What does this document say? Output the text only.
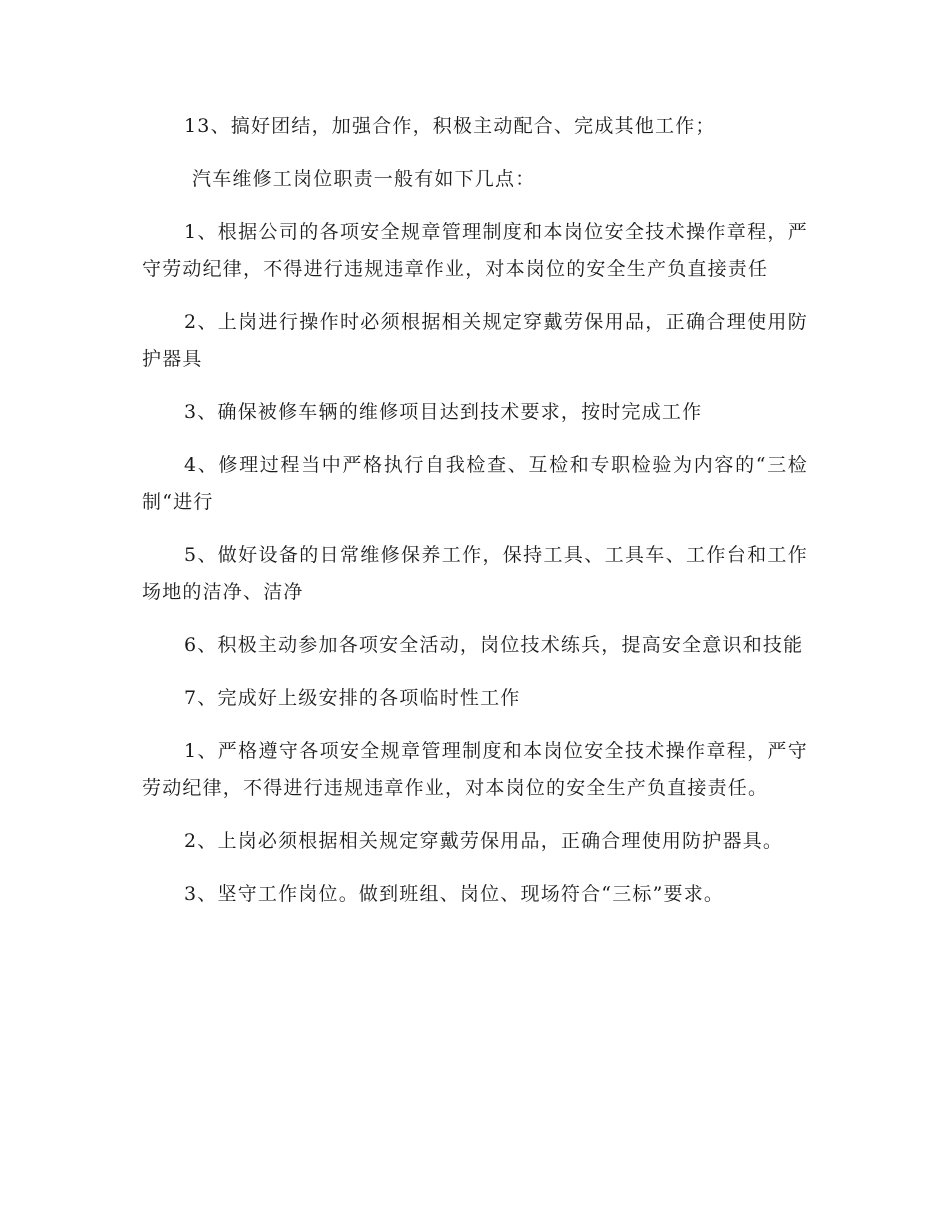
13、搞好团结，加强合作，积极主动配合、完成其他工作；

汽车维修工岗位职责一般有如下几点：

1、根据公司的各项安全规章管理制度和本岗位安全技术操作章程，严守劳动纪律，不得进行违规违章作业，对本岗位的安全生产负直接责任

2、上岗进行操作时必须根据相关规定穿戴劳保用品，正确合理使用防护器具

3、确保被修车辆的维修项目达到技术要求，按时完成工作

4、修理过程当中严格执行自我检查、互检和专职检验为内容的“三检制“进行

5、做好设备的日常维修保养工作，保持工具、工具车、工作台和工作场地的洁净、洁净

6、积极主动参加各项安全活动，岗位技术练兵，提高安全意识和技能

7、完成好上级安排的各项临时性工作

1、严格遵守各项安全规章管理制度和本岗位安全技术操作章程，严守劳动纪律，不得进行违规违章作业，对本岗位的安全生产负直接责任。

2、上岗必须根据相关规定穿戴劳保用品，正确合理使用防护器具。

3、坚守工作岗位。做到班组、岗位、现场符合“三标”要求。
